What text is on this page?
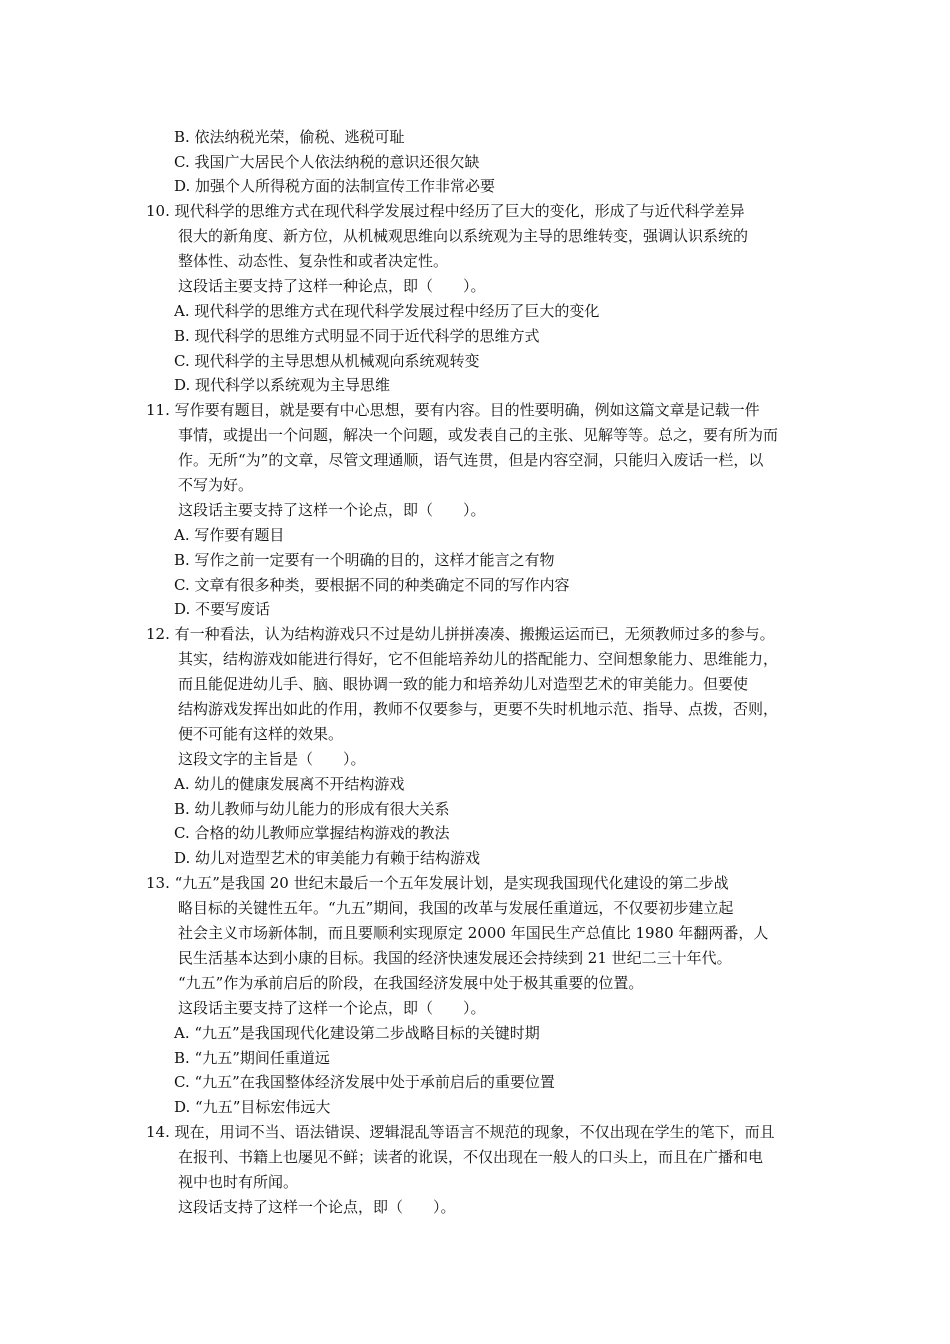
B. 依法纳税光荣，偷税、逃税可耻
C. 我国广大居民个人依法纳税的意识还很欠缺
D. 加强个人所得税方面的法制宣传工作非常必要
10. 现代科学的思维方式在现代科学发展过程中经历了巨大的变化，形成了与近代科学差异
很大的新角度、新方位，从机械观思维向以系统观为主导的思维转变，强调认识系统的
整体性、动态性、复杂性和或者决定性。
这段话主要支持了这样一种论点，即（　　）。
A. 现代科学的思维方式在现代科学发展过程中经历了巨大的变化
B. 现代科学的思维方式明显不同于近代科学的思维方式
C. 现代科学的主导思想从机械观向系统观转变
D. 现代科学以系统观为主导思维
11. 写作要有题目，就是要有中心思想，要有内容。目的性要明确，例如这篇文章是记载一件
事情，或提出一个问题，解决一个问题，或发表自己的主张、见解等等。总之，要有所为而
作。无所“为”的文章，尽管文理通顺，语气连贯，但是内容空洞，只能归入废话一栏，以
不写为好。
这段话主要支持了这样一个论点，即（　　）。
A. 写作要有题目
B. 写作之前一定要有一个明确的目的，这样才能言之有物
C. 文章有很多种类，要根据不同的种类确定不同的写作内容
D. 不要写废话
12. 有一种看法，认为结构游戏只不过是幼儿拼拼凑凑、搬搬运运而已，无须教师过多的参与。
其实，结构游戏如能进行得好，它不但能培养幼儿的搭配能力、空间想象能力、思维能力，
而且能促进幼儿手、脑、眼协调一致的能力和培养幼儿对造型艺术的审美能力。但要使
结构游戏发挥出如此的作用，教师不仅要参与，更要不失时机地示范、指导、点拨，否则，
便不可能有这样的效果。
这段文字的主旨是（　　）。
A. 幼儿的健康发展离不开结构游戏
B. 幼儿教师与幼儿能力的形成有很大关系
C. 合格的幼儿教师应掌握结构游戏的教法
D. 幼儿对造型艺术的审美能力有赖于结构游戏
13. “九五”是我国 20 世纪末最后一个五年发展计划，是实现我国现代化建设的第二步战
略目标的关键性五年。“九五”期间，我国的改革与发展任重道远，不仅要初步建立起
社会主义市场新体制，而且要顺利实现原定 2000 年国民生产总值比 1980 年翻两番，人
民生活基本达到小康的目标。我国的经济快速发展还会持续到 21 世纪二三十年代。
“九五”作为承前启后的阶段，在我国经济发展中处于极其重要的位置。
这段话主要支持了这样一个论点，即（　　）。
A. “九五”是我国现代化建设第二步战略目标的关键时期
B. “九五”期间任重道远
C. “九五”在我国整体经济发展中处于承前启后的重要位置
D. “九五”目标宏伟远大
14. 现在，用词不当、语法错误、逻辑混乱等语言不规范的现象，不仅出现在学生的笔下，而且
在报刊、书籍上也屡见不鲜；读者的讹误，不仅出现在一般人的口头上，而且在广播和电
视中也时有所闻。
这段话支持了这样一个论点，即（　　）。
